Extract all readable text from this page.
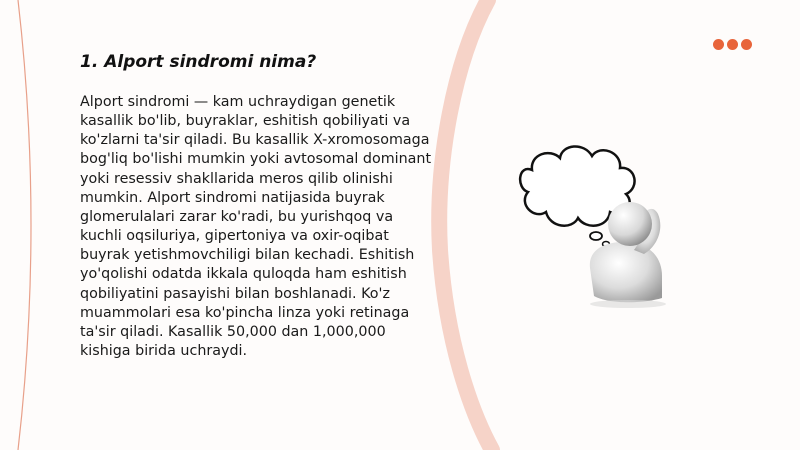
1. Alport sindromi nima?

Alport sindromi — kam uchraydigan genetik kasallik bo'lib, buyraklar, eshitish qobiliyati va ko'zlarni ta'sir qiladi. Bu kasallik X-xromosomaga bog'liq bo'lishi mumkin yoki avtosomal dominant yoki resessiv shakllarida meros qilib olinishi mumkin. Alport sindromi natijasida buyrak glomerulalari zarar ko'radi, bu yurishqoq va kuchli oqsiluriya, gipertoniya va oxir-oqibat buyrak yetishmovchiligi bilan kechadi. Eshitish yo'qolishi odatda ikkala quloqda ham eshitish qobiliyatini pasayishi bilan boshlanadi. Ko'z muammolari esa ko'pincha linza yoki retinaga ta'sir qiladi. Kasallik 50,000 dan 1,000,000 kishiga birida uchraydi.
